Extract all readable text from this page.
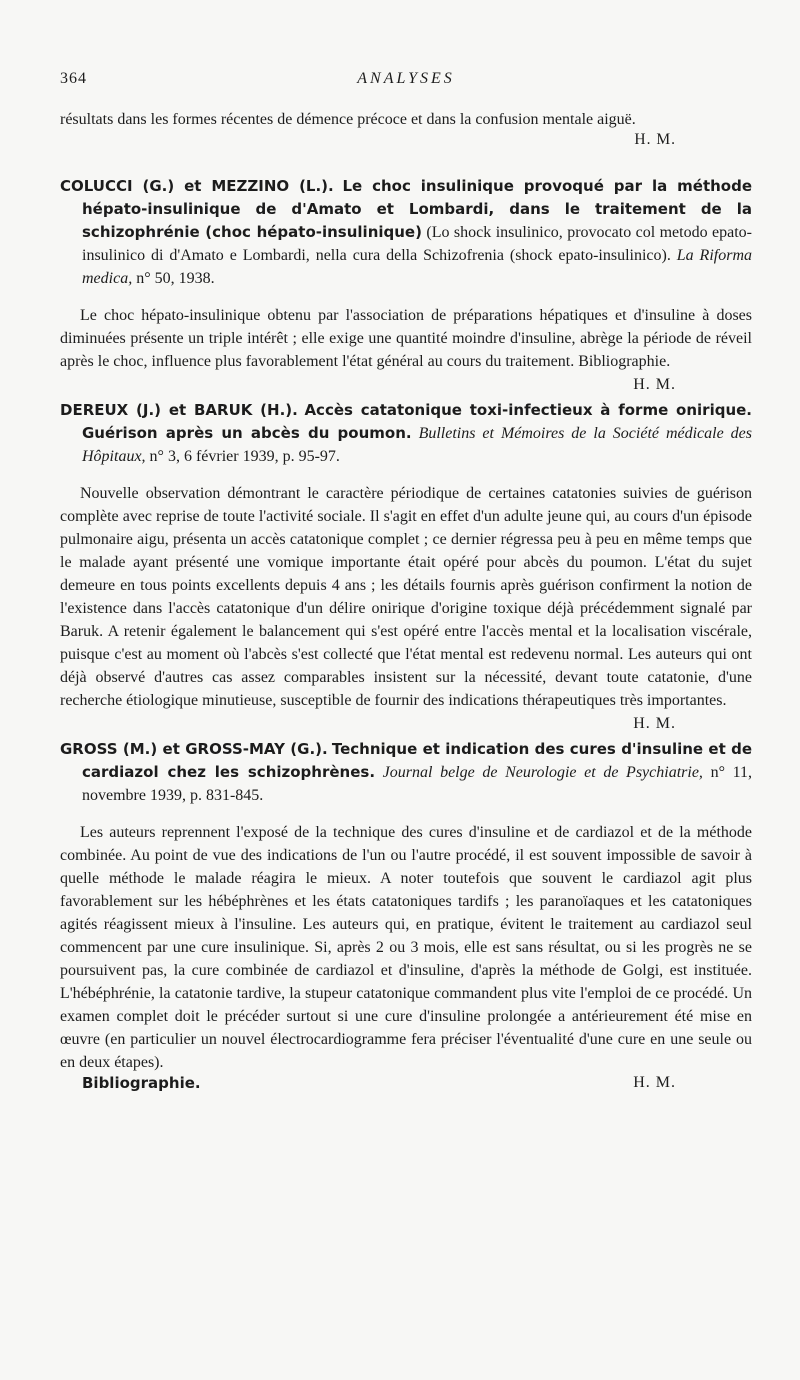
364	ANALYSES

résultats dans les formes récentes de démence précoce et dans la confusion mentale aiguë.

H. M.

COLUCCI (G.) et MEZZINO (L.). Le choc insulinique provoqué par la méthode hépato-insulinique de d'Amato et Lombardi, dans le traitement de la schizophrénie (choc hépato-insulinique) (Lo shock insulinico, provocato col metodo epato-insulinico di d'Amato e Lombardi, nella cura della Schizofrenia (shock epato-insulinico). La Riforma medica, n° 50, 1938.

Le choc hépato-insulinique obtenu par l'association de préparations hépatiques et d'insuline à doses diminuées présente un triple intérêt ; elle exige une quantité moindre d'insuline, abrège la période de réveil après le choc, influence plus favorablement l'état général au cours du traitement. Bibliographie.
H. M.

DEREUX (J.) et BARUK (H.). Accès catatonique toxi-infectieux à forme onirique. Guérison après un abcès du poumon. Bulletins et Mémoires de la Société médicale des Hôpitaux, n° 3, 6 février 1939, p. 95-97.

Nouvelle observation démontrant le caractère périodique de certaines catatonies suivies de guérison complète avec reprise de toute l'activité sociale. Il s'agit en effet d'un adulte jeune qui, au cours d'un épisode pulmonaire aigu, présenta un accès catatonique complet ; ce dernier régressa peu à peu en même temps que le malade ayant présenté une vomique importante était opéré pour abcès du poumon. L'état du sujet demeure en tous points excellents depuis 4 ans ; les détails fournis après guérison confirment la notion de l'existence dans l'accès catatonique d'un délire onirique d'origine toxique déjà précédemment signalé par Baruk. A retenir également le balancement qui s'est opéré entre l'accès mental et la localisation viscérale, puisque c'est au moment où l'abcès s'est collecté que l'état mental est redevenu normal. Les auteurs qui ont déjà observé d'autres cas assez comparables insistent sur la nécessité, devant toute catatonie, d'une recherche étiologique minutieuse, susceptible de fournir des indications thérapeutiques très importantes.
H. M.

GROSS (M.) et GROSS-MAY (G.). Technique et indication des cures d'insuline et de cardiazol chez les schizophrènes. Journal belge de Neurologie et de Psychiatrie, n° 11, novembre 1939, p. 831-845.

Les auteurs reprennent l'exposé de la technique des cures d'insuline et de cardiazol et de la méthode combinée. Au point de vue des indications de l'un ou l'autre procédé, il est souvent impossible de savoir à quelle méthode le malade réagira le mieux. A noter toutefois que souvent le cardiazol agit plus favorablement sur les hébéphrènes et les états catatoniques tardifs ; les paranoïaques et les catatoniques agités réagissent mieux à l'insuline. Les auteurs qui, en pratique, évitent le traitement au cardiazol seul commencent par une cure insulinique. Si, après 2 ou 3 mois, elle est sans résultat, ou si les progrès ne se poursuivent pas, la cure combinée de cardiazol et d'insuline, d'après la méthode de Golgi, est instituée. L'hébéphrénie, la catatonie tardive, la stupeur catatonique commandent plus vite l'emploi de ce procédé. Un examen complet doit le précéder surtout si une cure d'insuline prolongée a antérieurement été mise en œuvre (en particulier un nouvel électrocardiogramme fera préciser l'éventualité d'une cure en une seule ou en deux étapes).

Bibliographie.	H. M.
